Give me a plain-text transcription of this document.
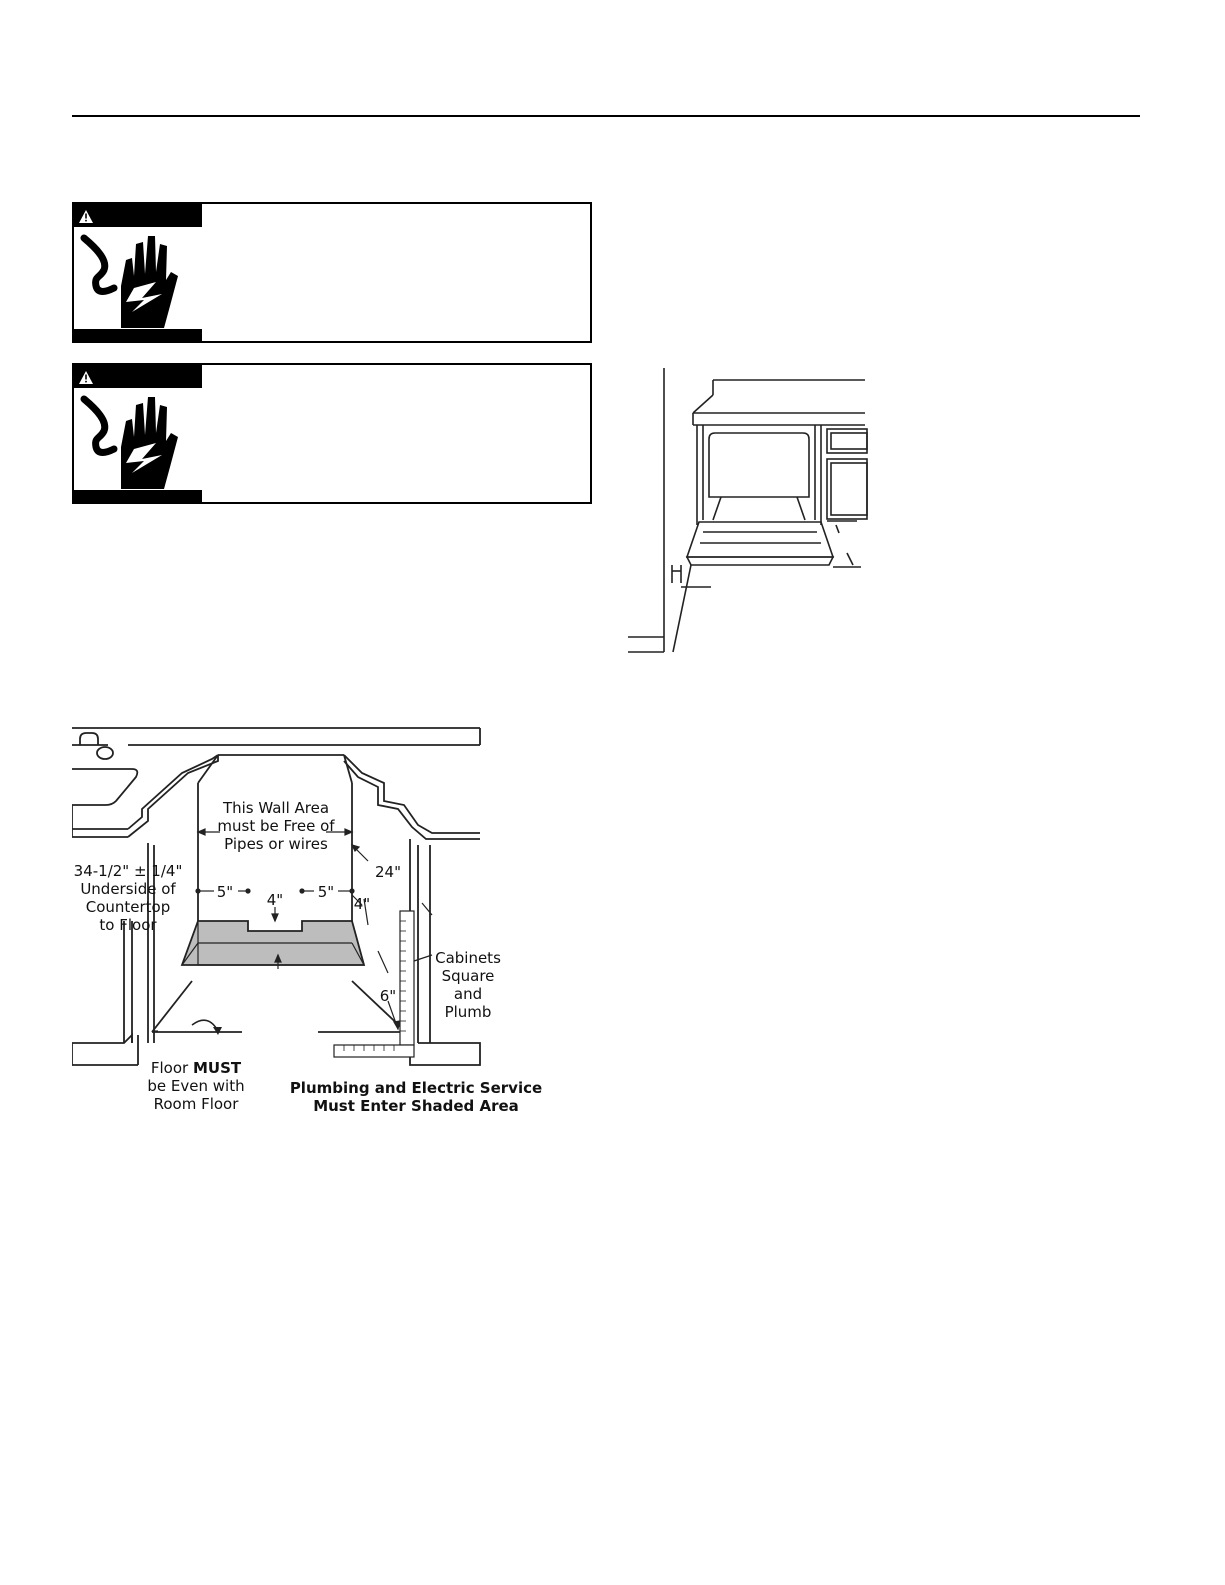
This Wall Area
must be Free of
Pipes or wires
34-1/2" ± 1/4"
Underside of
Countertop
to Floor
5" 4" 5"
4"
24"
6"
Cabinets
Square
and
Plumb
Floor MUST
be Even with
Room Floor
Plumbing and Electric Service
Must Enter Shaded Area
